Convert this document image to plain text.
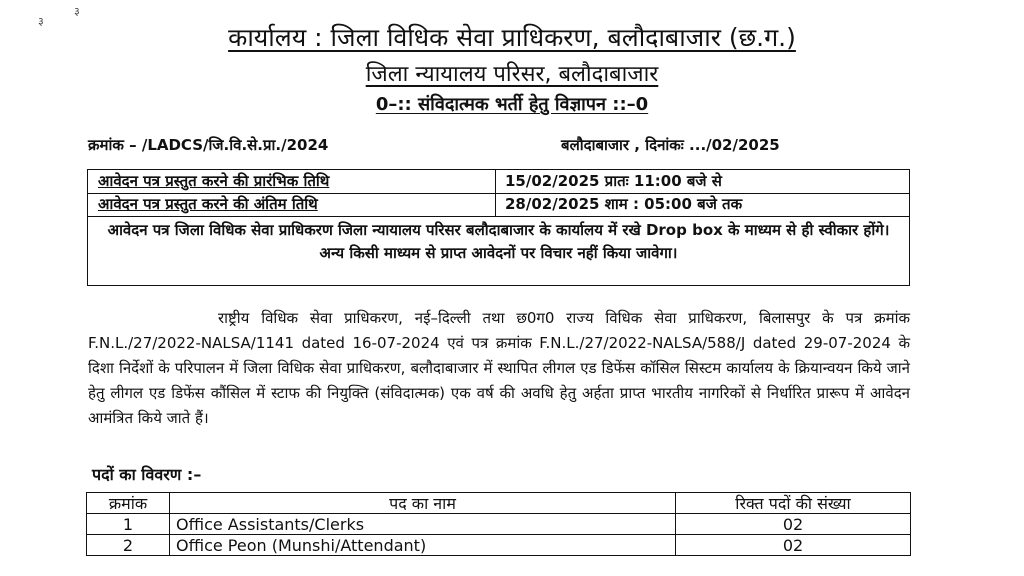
३
३
कार्यालय : जिला विधिक सेवा प्राधिकरण, बलौदाबाजार (छ.ग.)
जिला न्यायालय परिसर, बलौदाबाजार
0–:: संविदात्मक भर्ती हेतु विज्ञापन ::–0
क्रमांक – /LADCS/जि.वि.से.प्रा./2024	बलौदाबाजार , दिनांकः .../02/2025
आवेदन पत्र प्रस्तुत करने की प्रारंभिक तिथि	15/02/2025 प्रातः 11:00 बजे से
आवेदन पत्र प्रस्तुत करने की अंतिम तिथि	28/02/2025 शाम : 05:00 बजे तक
आवेदन पत्र जिला विधिक सेवा प्राधिकरण जिला न्यायालय परिसर बलौदाबाजार के कार्यालय में रखे Drop box के माध्यम से ही स्वीकार होंगे। अन्य किसी माध्यम से प्राप्त आवेदनों पर विचार नहीं किया जावेगा।

राष्ट्रीय विधिक सेवा प्राधिकरण, नई–दिल्ली तथा छ0ग0 राज्य विधिक सेवा प्राधिकरण, बिलासपुर के पत्र क्रमांक F.N.L./27/2022-NALSA/1141 dated 16-07-2024 एवं पत्र क्रमांक F.N.L./27/2022-NALSA/588/J dated 29-07-2024 के दिशा निर्देशों के परिपालन में जिला विधिक सेवा प्राधिकरण, बलौदाबाजार में स्थापित लीगल एड डिफेंस कॉसिल सिस्टम कार्यालय के क्रियान्वयन किये जाने हेतु लीगल एड डिफेंस कौंसिल में स्टाफ की नियुक्ति (संविदात्मक) एक वर्ष की अवधि हेतु अर्हता प्राप्त भारतीय नागरिकों से निर्धारित प्रारूप में आवेदन आमंत्रित किये जाते हैं।

पदों का विवरण :–
क्रमांक	पद का नाम	रिक्त पदों की संख्या
1	Office Assistants/Clerks	02
2	Office Peon (Munshi/Attendant)	02
